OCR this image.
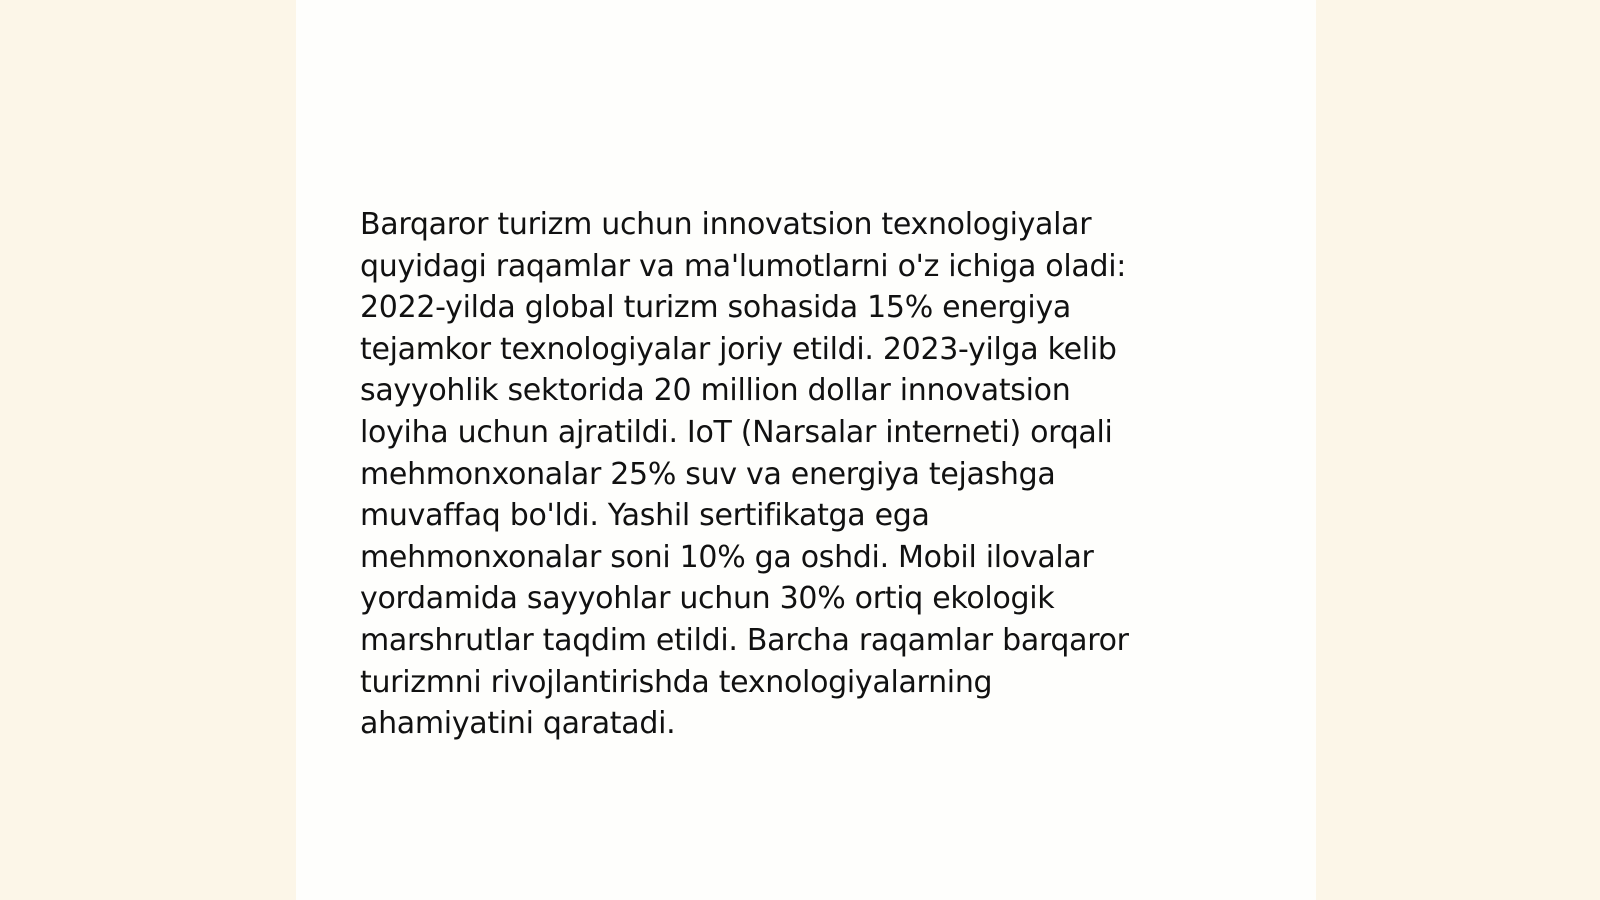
Barqaror turizm uchun innovatsion texnologiyalar
quyidagi raqamlar va ma'lumotlarni o'z ichiga oladi:
2022-yilda global turizm sohasida 15% energiya
tejamkor texnologiyalar joriy etildi. 2023-yilga kelib
sayyohlik sektorida 20 million dollar innovatsion
loyiha uchun ajratildi. IoT (Narsalar interneti) orqali
mehmonxonalar 25% suv va energiya tejashga
muvaffaq bo'ldi. Yashil sertifikatga ega
mehmonxonalar soni 10% ga oshdi. Mobil ilovalar
yordamida sayyohlar uchun 30% ortiq ekologik
marshrutlar taqdim etildi. Barcha raqamlar barqaror
turizmni rivojlantirishda texnologiyalarning
ahamiyatini qaratadi.
